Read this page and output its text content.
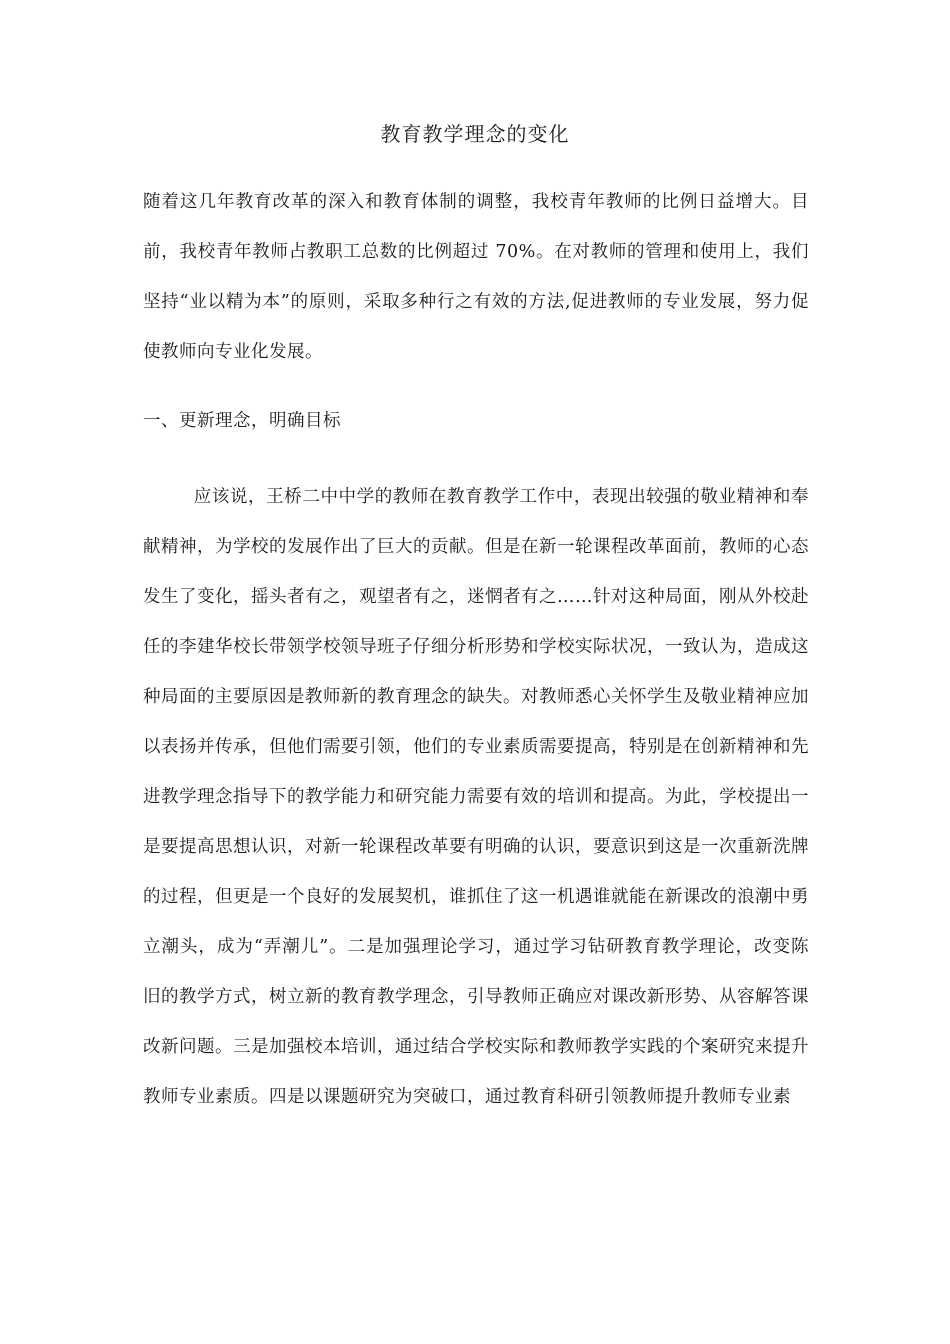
教育教学理念的变化

随着这几年教育改革的深入和教育体制的调整，我校青年教师的比例日益增大。目前，我校青年教师占教职工总数的比例超过 70%。在对教师的管理和使用上，我们坚持“业以精为本”的原则，采取多种行之有效的方法,促进教师的专业发展，努力促使教师向专业化发展。

一、更新理念，明确目标

应该说，王桥二中中学的教师在教育教学工作中，表现出较强的敬业精神和奉献精神，为学校的发展作出了巨大的贡献。但是在新一轮课程改革面前，教师的心态发生了变化，摇头者有之，观望者有之，迷惘者有之……针对这种局面，刚从外校赴任的李建华校长带领学校领导班子仔细分析形势和学校实际状况，一致认为，造成这种局面的主要原因是教师新的教育理念的缺失。对教师悉心关怀学生及敬业精神应加以表扬并传承，但他们需要引领，他们的专业素质需要提高，特别是在创新精神和先进教学理念指导下的教学能力和研究能力需要有效的培训和提高。为此，学校提出一是要提高思想认识，对新一轮课程改革要有明确的认识，要意识到这是一次重新洗牌的过程，但更是一个良好的发展契机，谁抓住了这一机遇谁就能在新课改的浪潮中勇立潮头，成为“弄潮儿”。二是加强理论学习，通过学习钻研教育教学理论，改变陈旧的教学方式，树立新的教育教学理念，引导教师正确应对课改新形势、从容解答课改新问题。三是加强校本培训，通过结合学校实际和教师教学实践的个案研究来提升教师专业素质。四是以课题研究为突破口，通过教育科研引领教师提升教师专业素
